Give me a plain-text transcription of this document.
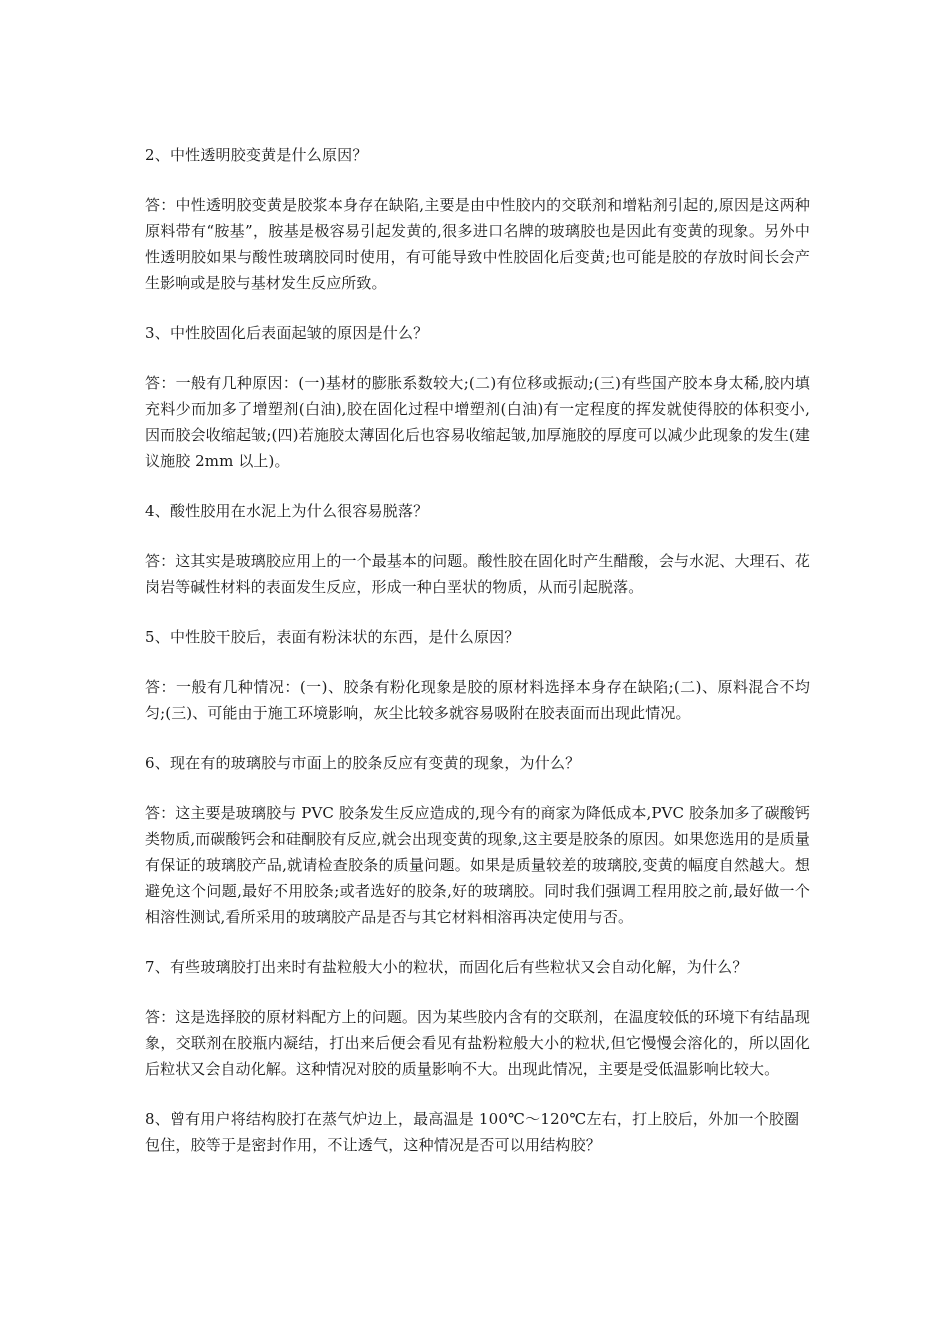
2、中性透明胶变黄是什么原因？

答：中性透明胶变黄是胶浆本身存在缺陷,主要是由中性胶内的交联剂和增粘剂引起的,原因是这两种原料带有“胺基”，胺基是极容易引起发黄的,很多进口名牌的玻璃胶也是因此有变黄的现象。另外中性透明胶如果与酸性玻璃胶同时使用，有可能导致中性胶固化后变黄;也可能是胶的存放时间长会产生影响或是胶与基材发生反应所致。

3、中性胶固化后表面起皱的原因是什么？

答：一般有几种原因：(一)基材的膨胀系数较大;(二)有位移或振动;(三)有些国产胶本身太稀,胶内填充料少而加多了增塑剂(白油),胶在固化过程中增塑剂(白油)有一定程度的挥发就使得胶的体积变小,因而胶会收缩起皱;(四)若施胶太薄固化后也容易收缩起皱,加厚施胶的厚度可以减少此现象的发生(建议施胶 2mm 以上)。

4、酸性胶用在水泥上为什么很容易脱落？

答：这其实是玻璃胶应用上的一个最基本的问题。酸性胶在固化时产生醋酸，会与水泥、大理石、花岗岩等碱性材料的表面发生反应，形成一种白垩状的物质，从而引起脱落。

5、中性胶干胶后，表面有粉沫状的东西，是什么原因？

答：一般有几种情况：(一)、胶条有粉化现象是胶的原材料选择本身存在缺陷;(二)、原料混合不均匀;(三)、可能由于施工环境影响，灰尘比较多就容易吸附在胶表面而出现此情况。

6、现在有的玻璃胶与市面上的胶条反应有变黄的现象，为什么？

答：这主要是玻璃胶与 PVC 胶条发生反应造成的,现今有的商家为降低成本,PVC 胶条加多了碳酸钙类物质,而碳酸钙会和硅酮胶有反应,就会出现变黄的现象,这主要是胶条的原因。如果您选用的是质量有保证的玻璃胶产品,就请检查胶条的质量问题。如果是质量较差的玻璃胶,变黄的幅度自然越大。想避免这个问题,最好不用胶条;或者选好的胶条,好的玻璃胶。同时我们强调工程用胶之前,最好做一个相溶性测试,看所采用的玻璃胶产品是否与其它材料相溶再决定使用与否。

7、有些玻璃胶打出来时有盐粒般大小的粒状，而固化后有些粒状又会自动化解，为什么？

答：这是选择胶的原材料配方上的问题。因为某些胶内含有的交联剂，在温度较低的环境下有结晶现象，交联剂在胶瓶内凝结，打出来后便会看见有盐粉粒般大小的粒状,但它慢慢会溶化的，所以固化后粒状又会自动化解。这种情况对胶的质量影响不大。出现此情况，主要是受低温影响比较大。

8、曾有用户将结构胶打在蒸气炉边上，最高温是 100℃～120℃左右，打上胶后，外加一个胶圈包住，胶等于是密封作用，不让透气，这种情况是否可以用结构胶？
